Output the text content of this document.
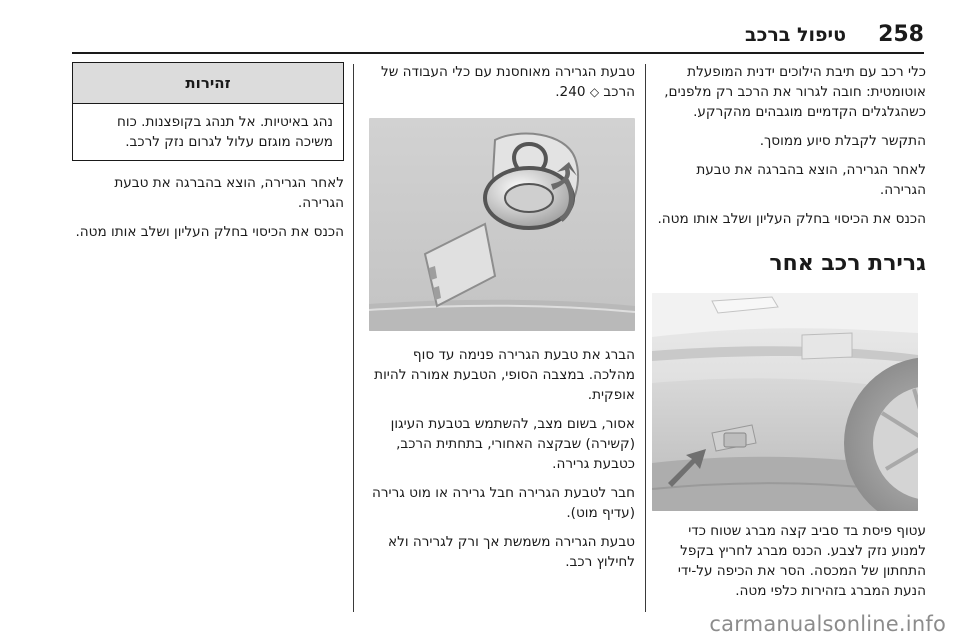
258
טיפול ברכב

כלי רכב עם תיבת הילוכים ידנית המופעלת אוטומטית: חובה לגרור את הרכב רק מלפנים, כשהגלגלים הקדמיים מוגבהים מהקרקע.

התקשר לקבלת סיוע ממוסך.

לאחר הגרירה, הוצא בהברגה את טבעת הגרירה.

הכנס את הכיסוי בחלק העליון ושלב אותו מטה.

גרירת רכב אחר

עטוף פיסת בד סביב קצה מברג שטוח כדי למנוע נזק לצבע. הכנס מברג לחריץ בקפל התחתון של המכסה. הסר את הכיפה על-ידי הנעת המברג בזהירות כלפי מטה.

טבעת הגרירה מאוחסנת עם כלי העבודה של הרכב ◇ 240.

הברג את טבעת הגרירה פנימה עד סוף מהלכה. במצבה הסופי, הטבעת אמורה להיות אופקית.

אסור, בשום מצב, להשתמש בטבעת העיגון (קשירה) שבקצה האחורי, בתחתית הרכב, כטבעת גרירה.

חבר לטבעת הגרירה חבל גרירה או מוט גרירה (עדיף מוט).

טבעת הגרירה משמשת אך ורק לגרירה ולא לחילוץ רכב.

זהירות
נהג באיטיות. אל תנהג בקופצנות. כוח משיכה מוגזם עלול לגרום נזק לרכב.

לאחר הגרירה, הוצא בהברגה את טבעת הגרירה.

הכנס את הכיסוי בחלק העליון ושלב אותו מטה.

carmanualsonline.info
